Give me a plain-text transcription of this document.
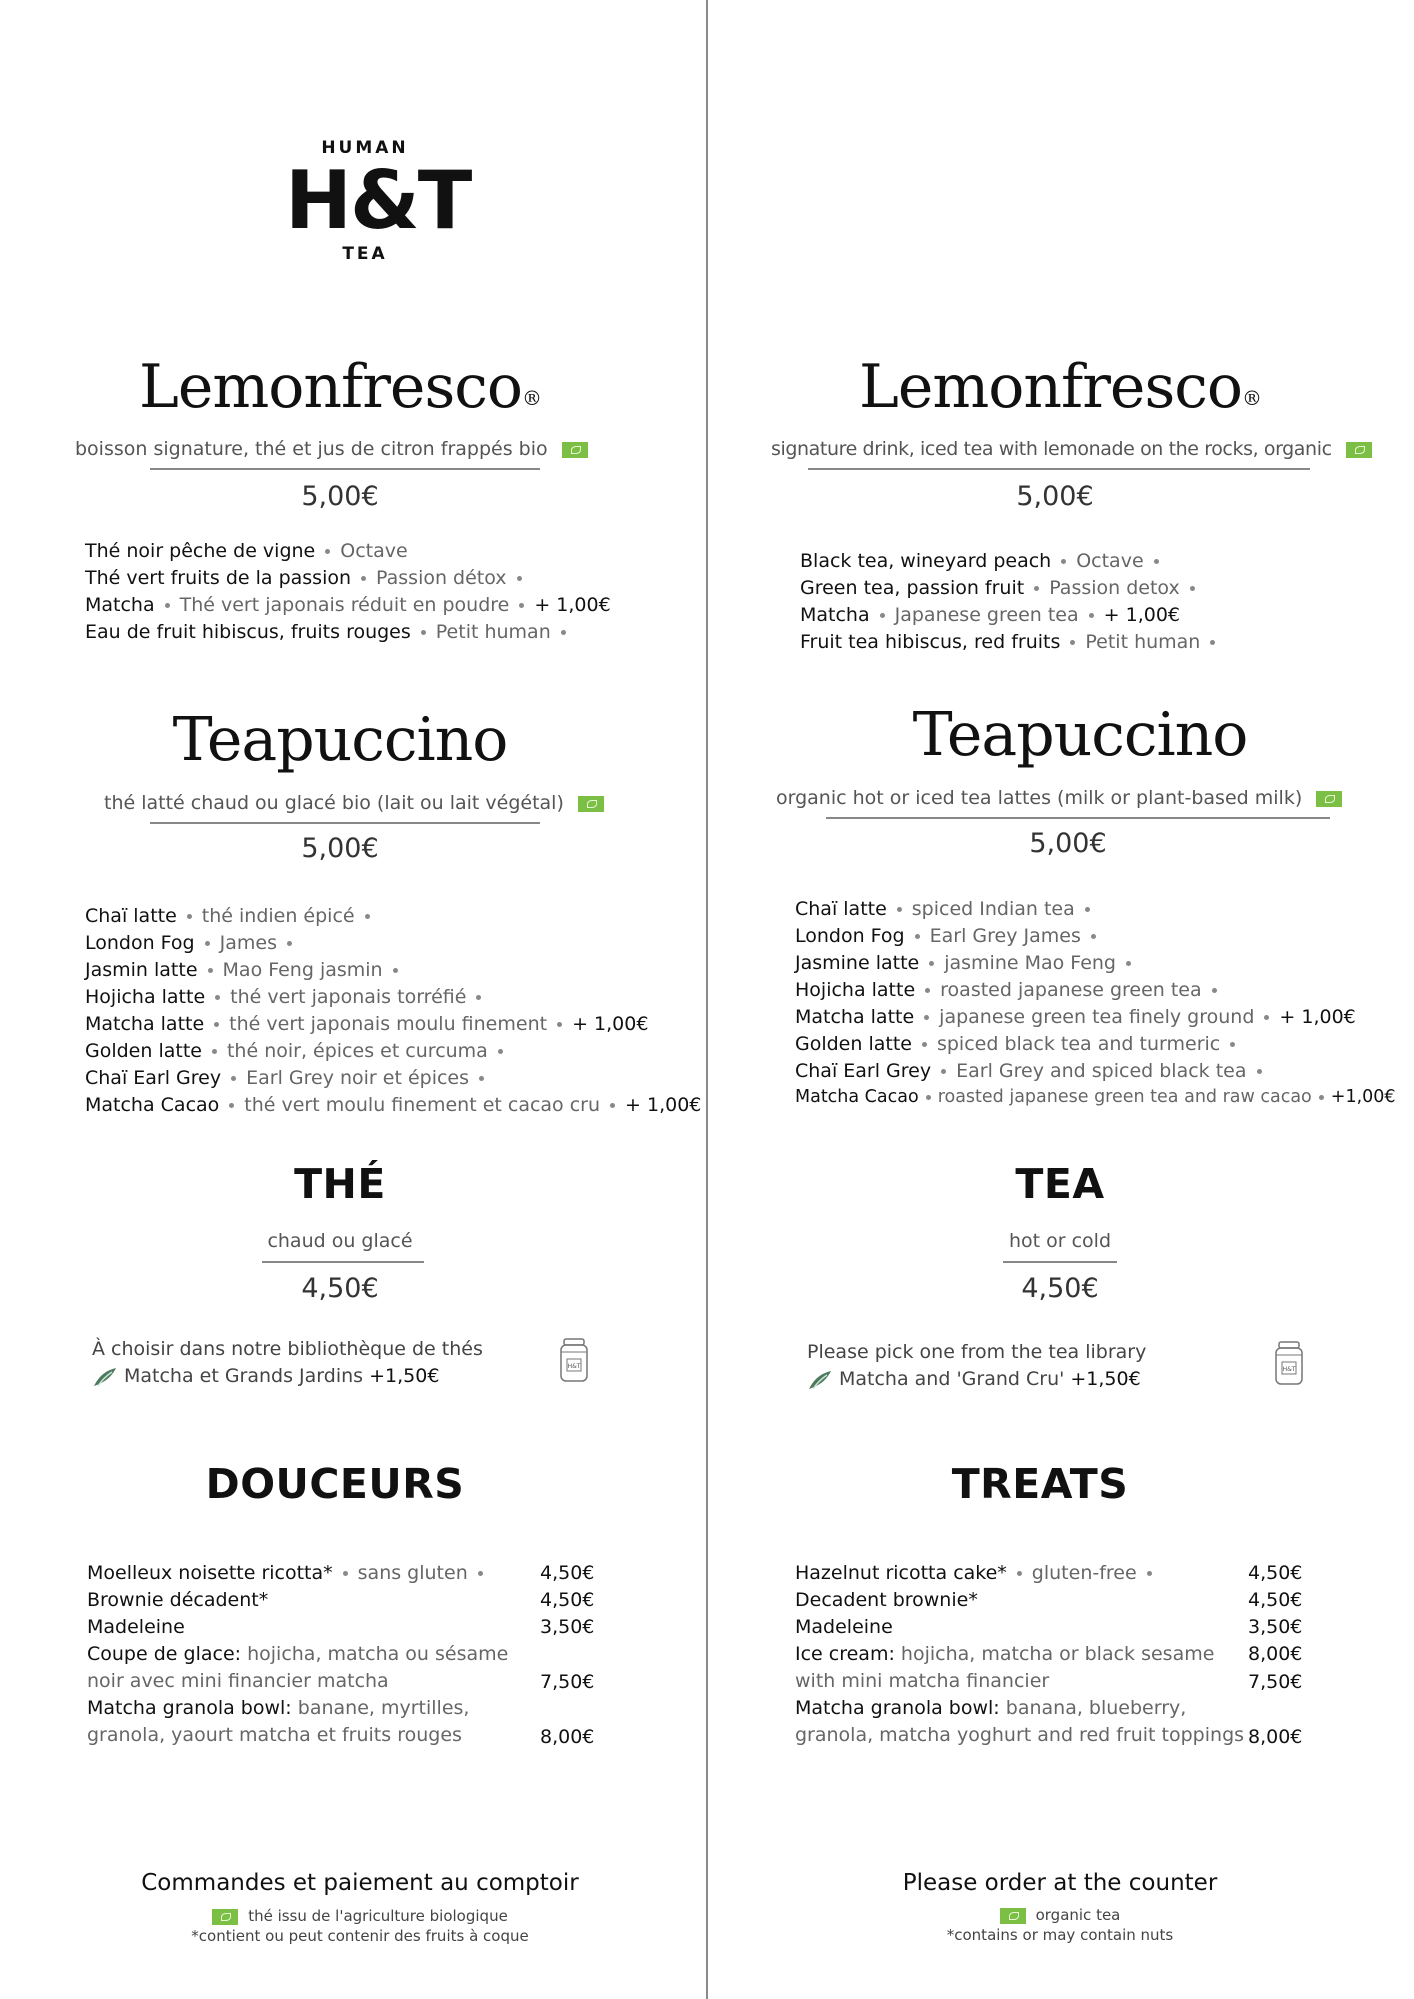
HUMAN
H&T
TEA
Lemonfresco®
boisson signature, thé et jus de citron frappés bio
5,00€
Thé noir pêche de vigne Octave
Thé vert fruits de la passion Passion détox
Matcha Thé vert japonais réduit en poudre + 1,00€
Eau de fruit hibiscus, fruits rouges Petit human
Teapuccino
thé latté chaud ou glacé bio (lait ou lait végétal)
5,00€
Chaï latte thé indien épicé
London Fog James
Jasmin latte Mao Feng jasmin
Hojicha latte thé vert japonais torréfié
Matcha latte thé vert japonais moulu finement + 1,00€
Golden latte thé noir, épices et curcuma
Chaï Earl Grey Earl Grey noir et épices
Matcha Cacao thé vert moulu finement et cacao cru + 1,00€
THÉ
chaud ou glacé
4,50€
À choisir dans notre bibliothèque de thés
Matcha et Grands Jardins +1,50€	H&T
DOUCEURS
Moelleux noisette ricotta* sans gluten
Brownie décadent*
Madeleine
Coupe de glace: hojicha, matcha ou sésame
noir avec mini financier matcha
Matcha granola bowl: banane, myrtilles,
granola, yaourt matcha et fruits rouges
4,50€
4,50€
3,50€
7,50€
8,00€
Commandes et paiement au comptoir
thé issu de l'agriculture biologique
*contient ou peut contenir des fruits à coque
Lemonfresco®
signature drink, iced tea with lemonade on the rocks, organic
5,00€
Black tea, wineyard peach Octave
Green tea, passion fruit Passion detox
Matcha Japanese green tea + 1,00€
Fruit tea hibiscus, red fruits Petit human
Teapuccino
organic hot or iced tea lattes (milk or plant-based milk)
5,00€
Chaï latte spiced Indian tea
London Fog Earl Grey James
Jasmine latte jasmine Mao Feng
Hojicha latte roasted japanese green tea
Matcha latte japanese green tea finely ground + 1,00€
Golden latte spiced black tea and turmeric
Chaï Earl Grey Earl Grey and spiced black tea
Matcha Cacao roasted japanese green tea and raw cacao +1,00€
TEA
hot or cold
4,50€
Please pick one from the tea library
Matcha and 'Grand Cru' +1,50€	H&T
TREATS
Hazelnut ricotta cake* gluten-free
Decadent brownie*
Madeleine
Ice cream: hojicha, matcha or black sesame
with mini matcha financier
Matcha granola bowl: banana, blueberry,
granola, matcha yoghurt and red fruit toppings
4,50€
4,50€
3,50€
8,00€
7,50€
8,00€
Please order at the counter
organic tea
*contains or may contain nuts
